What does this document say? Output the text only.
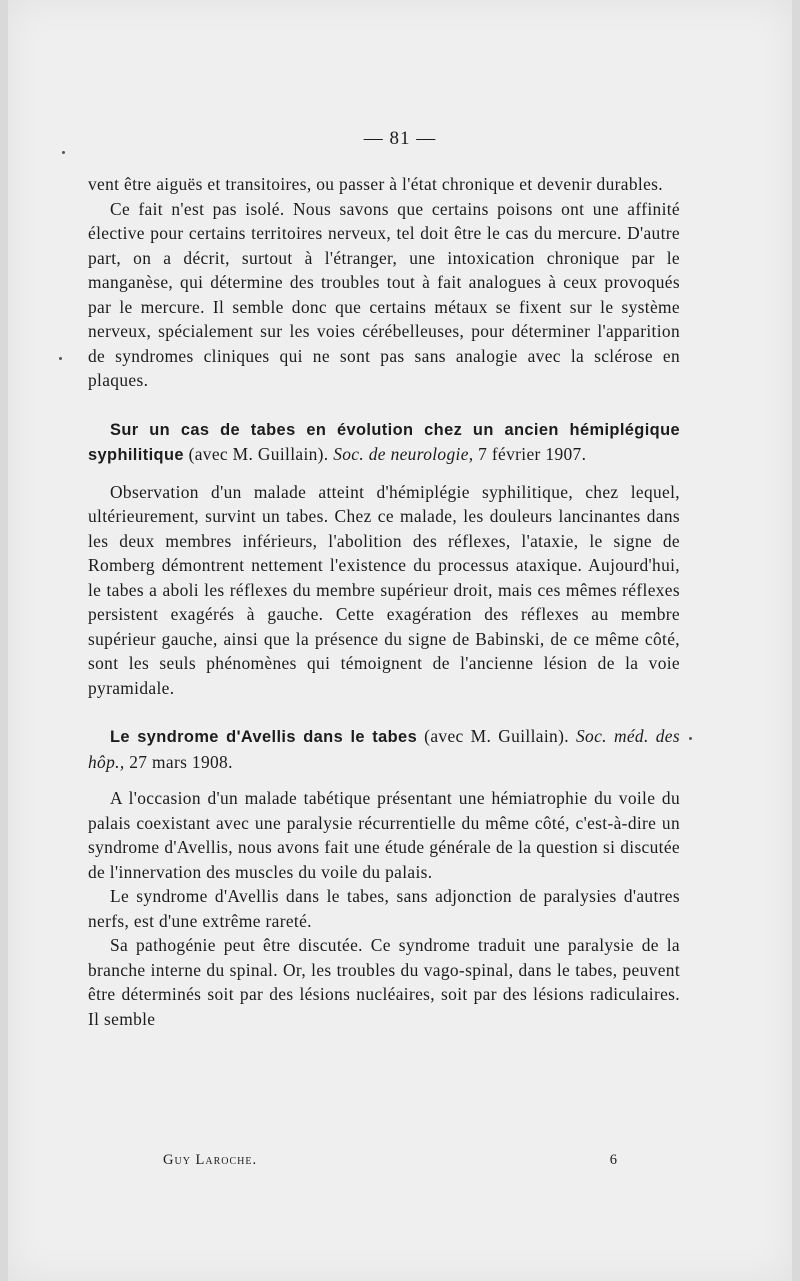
— 81 —

vent être aiguës et transitoires, ou passer à l'état chronique et devenir durables.

Ce fait n'est pas isolé. Nous savons que certains poisons ont une affinité élective pour certains territoires nerveux, tel doit être le cas du mercure. D'autre part, on a décrit, surtout à l'étranger, une intoxication chronique par le manganèse, qui détermine des troubles tout à fait analogues à ceux provoqués par le mercure. Il semble donc que certains métaux se fixent sur le système nerveux, spécialement sur les voies cérébelleuses, pour déterminer l'apparition de syndromes cliniques qui ne sont pas sans analogie avec la sclérose en plaques.

Sur un cas de tabes en évolution chez un ancien hémiplégique syphilitique (avec M. Guillain). Soc. de neurologie, 7 février 1907.

Observation d'un malade atteint d'hémiplégie syphilitique, chez lequel, ultérieurement, survint un tabes. Chez ce malade, les douleurs lancinantes dans les deux membres inférieurs, l'abolition des réflexes, l'ataxie, le signe de Romberg démontrent nettement l'existence du processus ataxique. Aujourd'hui, le tabes a aboli les réflexes du membre supérieur droit, mais ces mêmes réflexes persistent exagérés à gauche. Cette exagération des réflexes au membre supérieur gauche, ainsi que la présence du signe de Babinski, de ce même côté, sont les seuls phénomènes qui témoignent de l'ancienne lésion de la voie pyramidale.

Le syndrome d'Avellis dans le tabes (avec M. Guillain). Soc. méd. des hôp., 27 mars 1908.

A l'occasion d'un malade tabétique présentant une hémiatrophie du voile du palais coexistant avec une paralysie récurrentielle du même côté, c'est-à-dire un syndrome d'Avellis, nous avons fait une étude générale de la question si discutée de l'innervation des muscles du voile du palais.

Le syndrome d'Avellis dans le tabes, sans adjonction de paralysies d'autres nerfs, est d'une extrême rareté.

Sa pathogénie peut être discutée. Ce syndrome traduit une paralysie de la branche interne du spinal. Or, les troubles du vago-spinal, dans le tabes, peuvent être déterminés soit par des lésions nucléaires, soit par des lésions radiculaires. Il semble

Guy Laroche.	6
